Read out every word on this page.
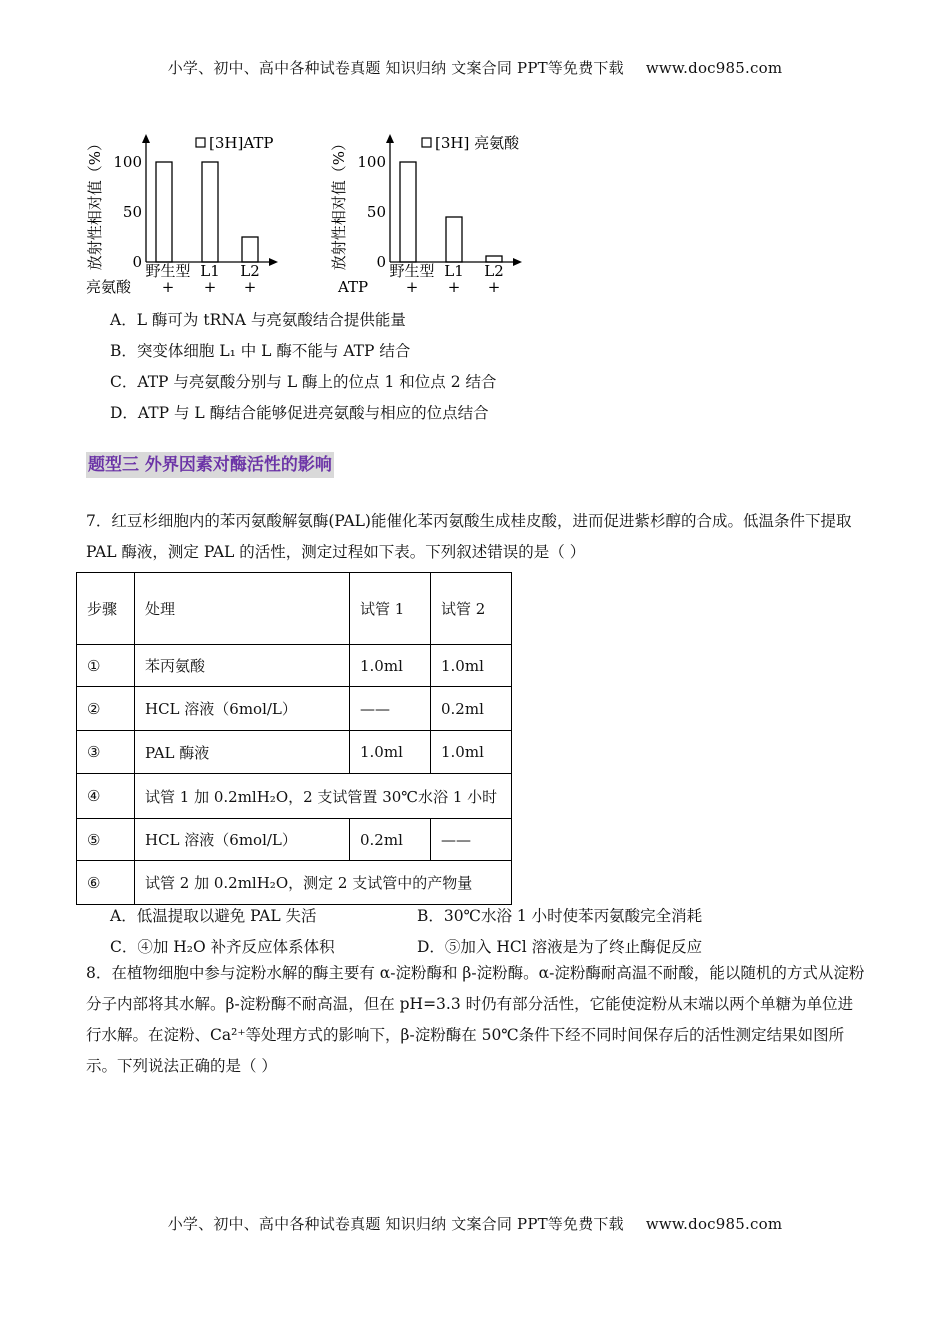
小学、初中、高中各种试卷真题 知识归纳 文案合同 PPT等免费下载 www.doc985.com
放射性相对值（%） 0
50
100
[3H]ATP
野生型 L1 L2
亮氨酸 + + +
放射性相对值（%） 0
50
100
[3H] 亮氨酸
野生型 L1 L2
ATP	+ + +
A．L 酶可为 tRNA 与亮氨酸结合提供能量
B．突变体细胞 L₁ 中 L 酶不能与 ATP 结合
C．ATP 与亮氨酸分别与 L 酶上的位点 1 和位点 2 结合
D．ATP 与 L 酶结合能够促进亮氨酸与相应的位点结合
题型三 外界因素对酶活性的影响
7．红豆杉细胞内的苯丙氨酸解氨酶(PAL)能催化苯丙氨酸生成桂皮酸，进而促进紫杉醇的合成。低温条件下提取 PAL 酶液，测定 PAL 的活性，测定过程如下表。下列叙述错误的是（ ）
步骤	处理	试管 1	试管 2
①	苯丙氨酸	1.0ml	1.0ml
②	HCL 溶液（6mol/L）	——	0.2ml
③	PAL 酶液	1.0ml	1.0ml
④	试管 1 加 0.2mlH₂O，2 支试管置 30℃水浴 1 小时		
⑤	HCL 溶液（6mol/L）	0.2ml	——
⑥	试管 2 加 0.2mlH₂O，测定 2 支试管中的产物量		
A．低温提取以避免 PAL 失活	B．30℃水浴 1 小时使苯丙氨酸完全消耗
C．④加 H₂O 补齐反应体系体积	D．⑤加入 HCl 溶液是为了终止酶促反应
8．在植物细胞中参与淀粉水解的酶主要有 α-淀粉酶和 β-淀粉酶。α-淀粉酶耐高温不耐酸，能以随机的方式从淀粉分子内部将其水解。β-淀粉酶不耐高温，但在 pH=3.3 时仍有部分活性，它能使淀粉从末端以两个单糖为单位进行水解。在淀粉、Ca²⁺等处理方式的影响下，β-淀粉酶在 50℃条件下经不同时间保存后的活性测定结果如图所示。下列说法正确的是（ ）
小学、初中、高中各种试卷真题 知识归纳 文案合同 PPT等免费下载 www.doc985.com
